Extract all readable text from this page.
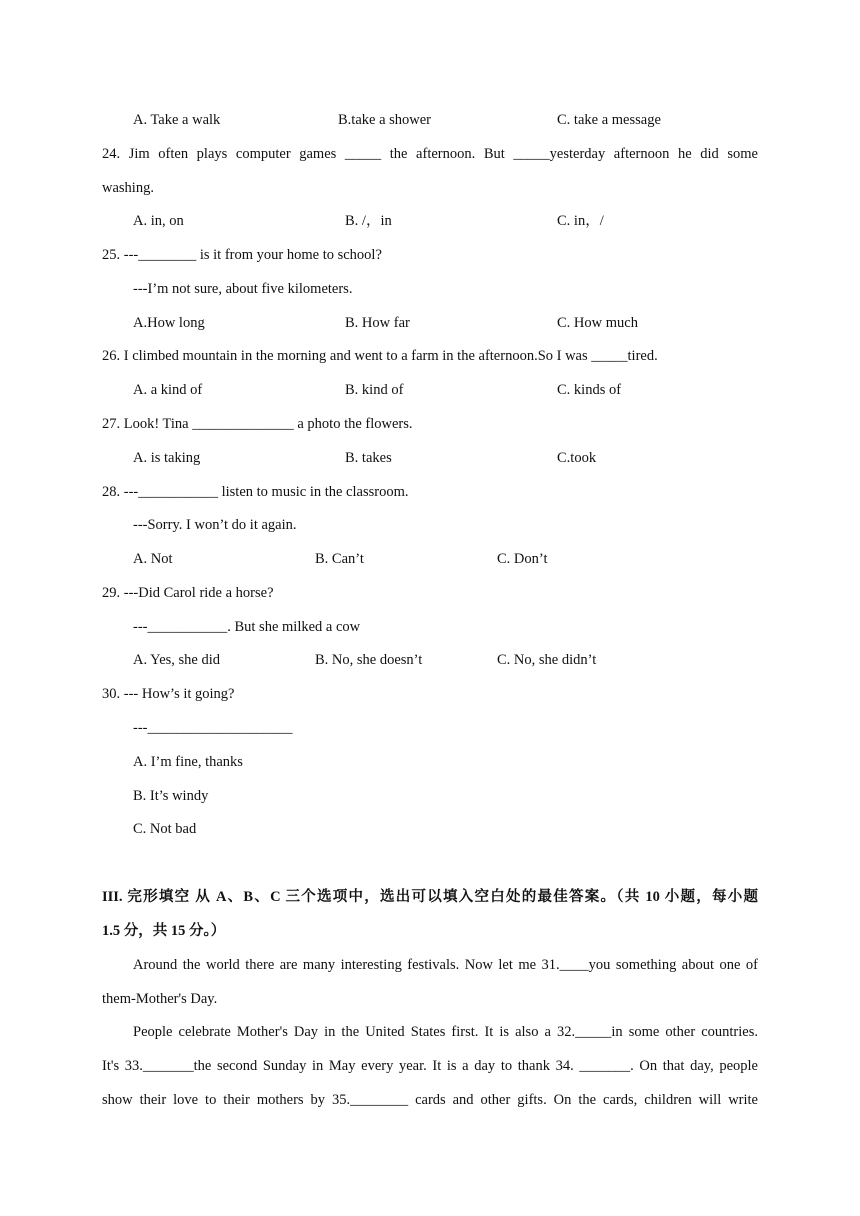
A. Take a walk	B.take a shower	C. take a message
24. Jim often plays computer games _____ the afternoon. But _____yesterday afternoon he did some
washing.
A. in, on	B. /，in	C. in，/
25. ---________ is it from your home to school?
---I’m not sure, about five kilometers.
A.How long	B. How far	C. How much
26. I climbed mountain in the morning and went to a farm in the afternoon.So I was _____tired.
A. a kind of	B. kind of	C. kinds of
27. Look! Tina ______________ a photo the flowers.
A. is taking	B. takes	C.took
28. ---___________ listen to music in the classroom.
---Sorry. I won’t do it again.
A. Not	B. Can’t	C. Don’t
29. ---Did Carol ride a horse?
---___________. But she milked a cow
A. Yes, she did	B. No, she doesn’t	C. No, she didn’t
30. --- How’s it going?
---____________________
A. I’m fine, thanks
B. It’s windy
C. Not bad
III. 完形填空 从 A、B、C 三个选项中，选出可以填入空白处的最佳答案。（共 10 小题，每小题
1.5 分，共 15 分。）
Around the world there are many interesting festivals. Now let me 31.____you something about one of
them-Mother's Day.
People celebrate Mother's Day in the United States first. It is also a 32._____in some other countries.
It's 33._______the second Sunday in May every year. It is a day to thank 34. _______. On that day, people
show their love to their mothers by 35.________ cards and other gifts. On the cards, children will write
